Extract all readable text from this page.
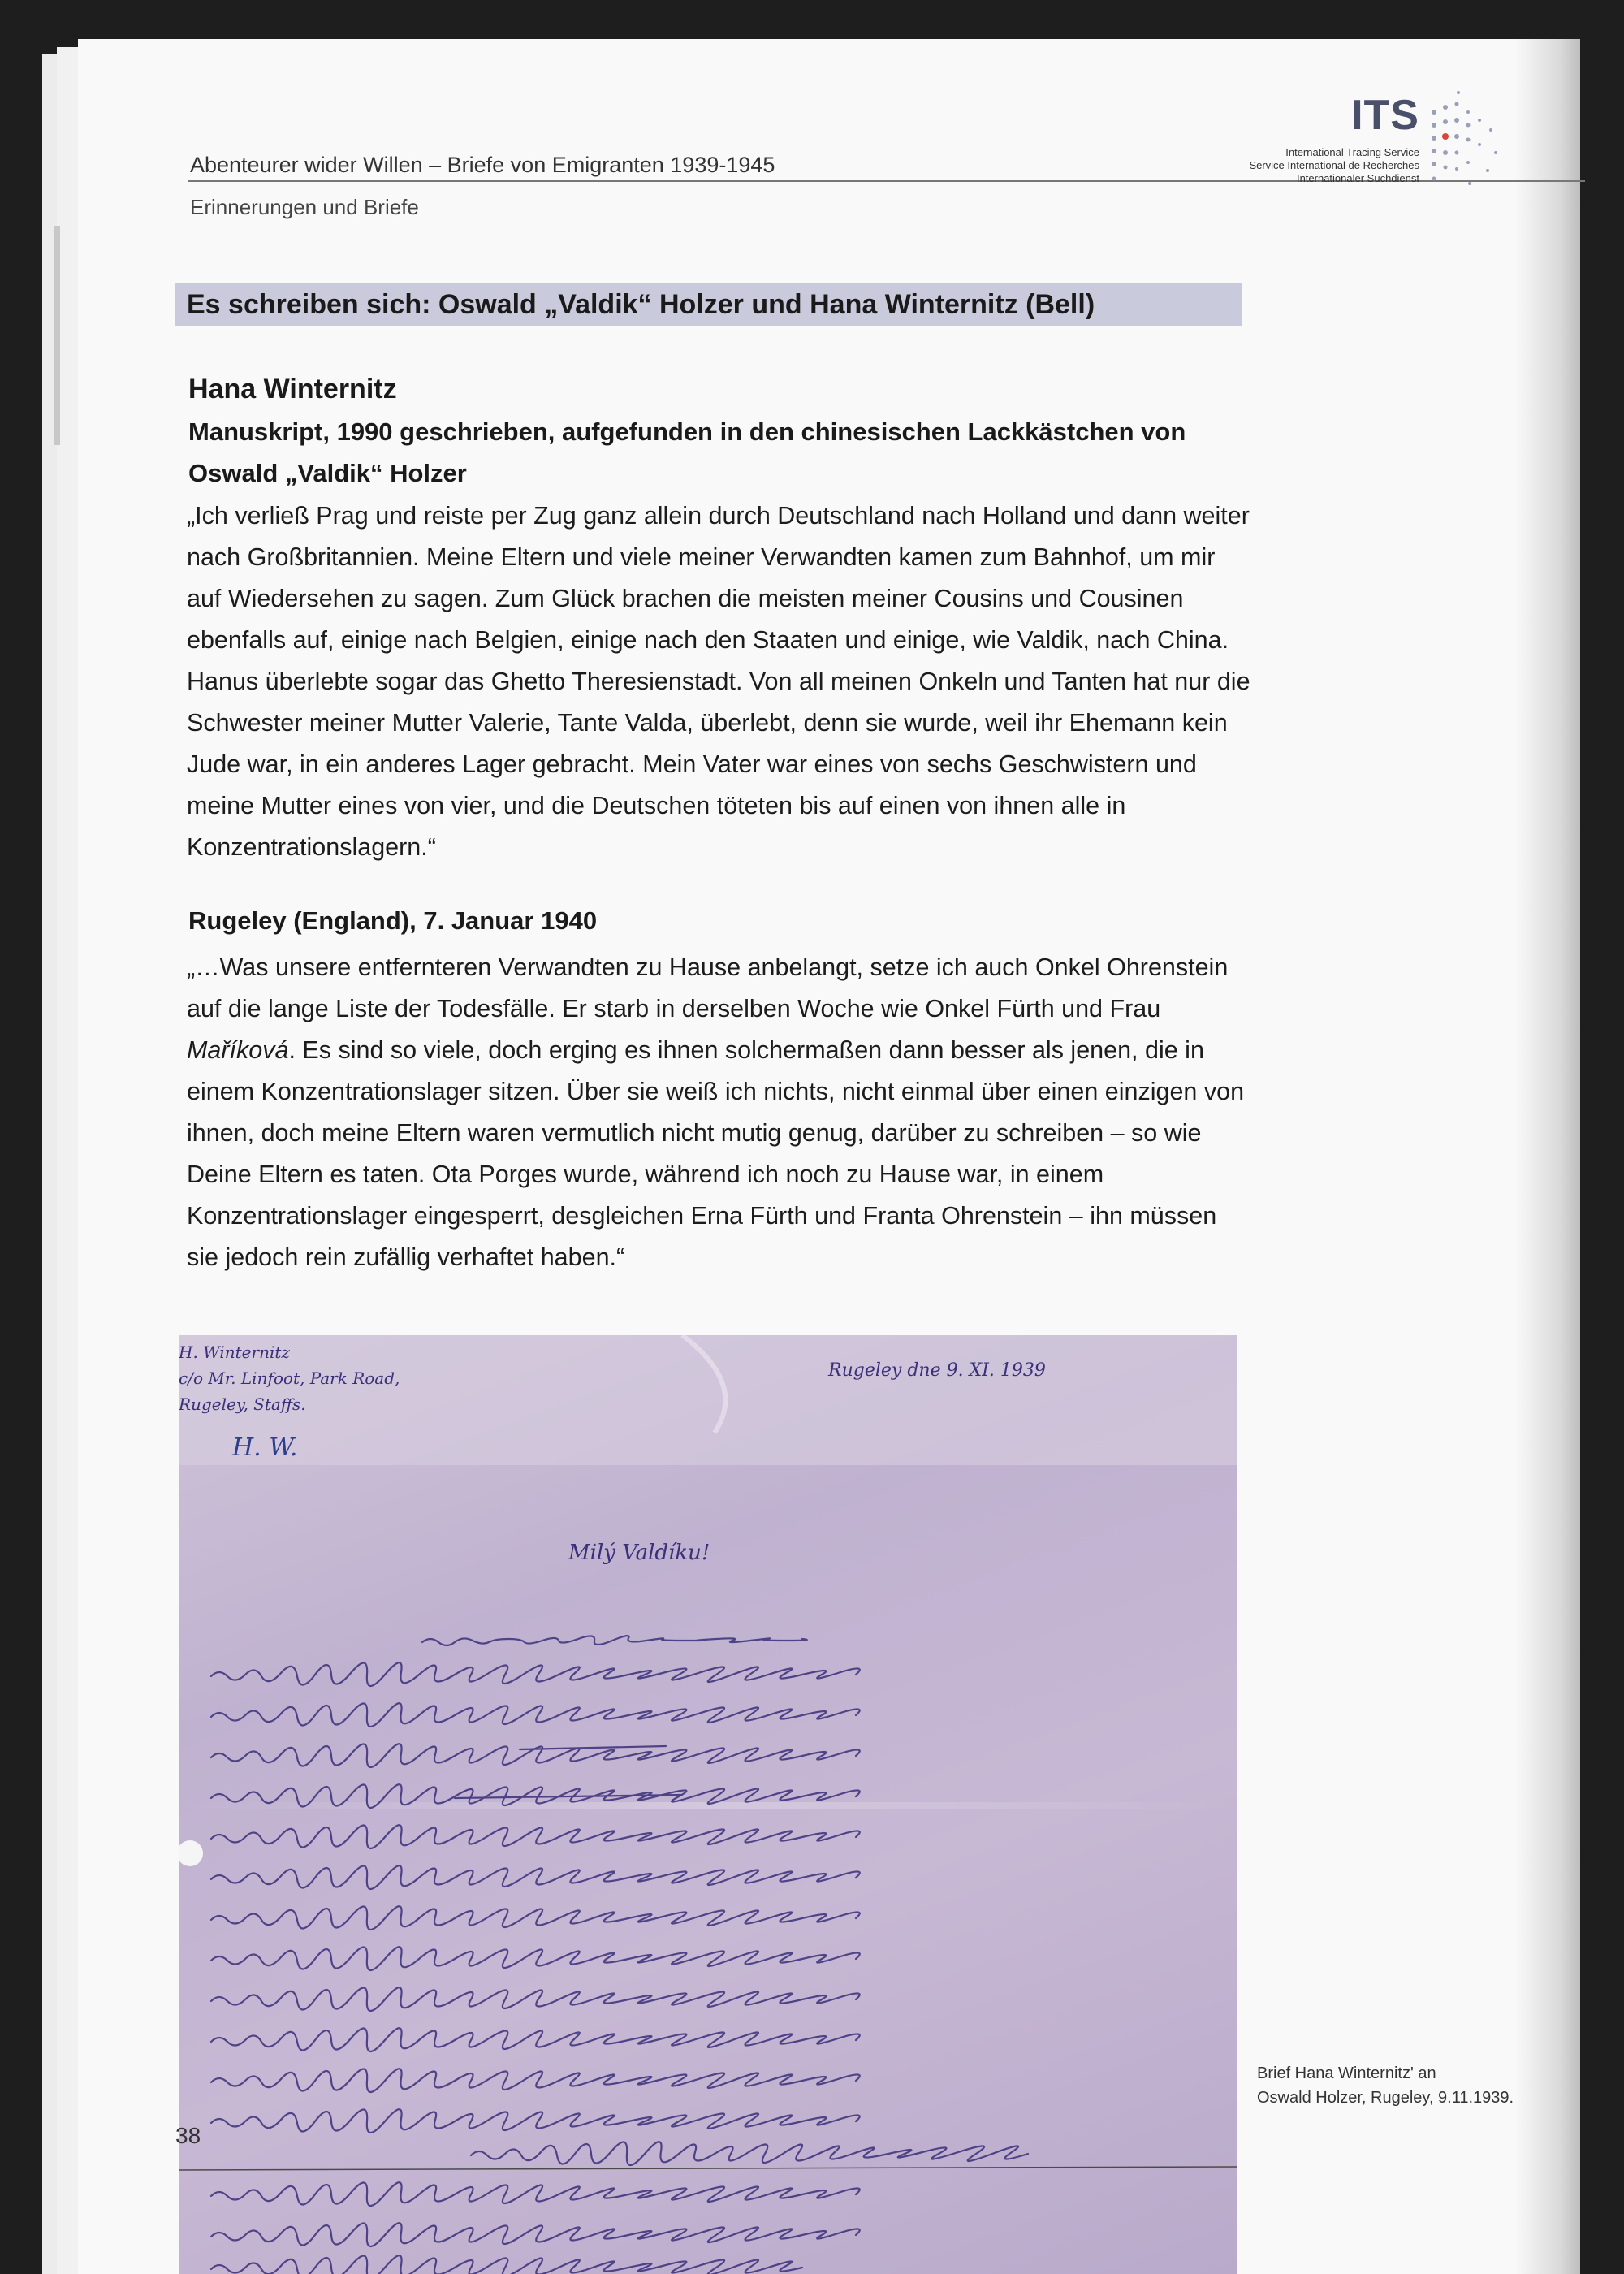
Abenteurer wider Willen – Briefe von Emigranten 1939-1945
Erinnerungen und Briefe
ITS
International Tracing Service
Service International de Recherches
Internationaler Suchdienst
Es schreiben sich: Oswald „Valdik“ Holzer und Hana Winternitz (Bell)
Hana Winternitz
Manuskript, 1990 geschrieben, aufgefunden in den chinesischen Lackkästchen von Oswald „Valdik“ Holzer

„Ich verließ Prag und reiste per Zug ganz allein durch Deutschland nach Holland und dann weiter nach Großbritannien. Meine Eltern und viele meiner Verwandten kamen zum Bahnhof, um mir auf Wiedersehen zu sagen. Zum Glück brachen die meisten meiner Cousins und Cousinen ebenfalls auf, einige nach Belgien, einige nach den Staaten und einige, wie Valdik, nach China. Hanus überlebte sogar das Ghetto Theresienstadt. Von all meinen Onkeln und Tanten hat nur die Schwester meiner Mutter Valerie, Tante Valda, überlebt, denn sie wurde, weil ihr Ehemann kein Jude war, in ein anderes Lager gebracht. Mein Vater war eines von sechs Geschwistern und meine Mutter eines von vier, und die Deutschen töteten bis auf einen von ihnen alle in Konzentrationslagern.“

Rugeley (England), 7. Januar 1940

„…Was unsere entfernteren Verwandten zu Hause anbelangt, setze ich auch Onkel Ohrenstein auf die lange Liste der Todesfälle. Er starb in derselben Woche wie Onkel Fürth und Frau Maříková. Es sind so viele, doch erging es ihnen solchermaßen dann besser als jenen, die in einem Konzentrationslager sitzen. Über sie weiß ich nichts, nicht einmal über einen einzigen von ihnen, doch meine Eltern waren vermutlich nicht mutig genug, darüber zu schreiben – so wie Deine Eltern es taten. Ota Porges wurde, während ich noch zu Hause war, in einem Konzentrationslager eingesperrt, desgleichen Erna Fürth und Franta Ohrenstein – ihn müssen sie jedoch rein zufällig verhaftet haben.“

H. Winternitz
c/o Mr. Linfoot, Park Road,
Rugeley, Staffs.
H. W.
Rugeley dne 9. XI. 1939
Milý Valdíku!
38
Brief Hana Winternitz' an
Oswald Holzer, Rugeley, 9.11.1939.
